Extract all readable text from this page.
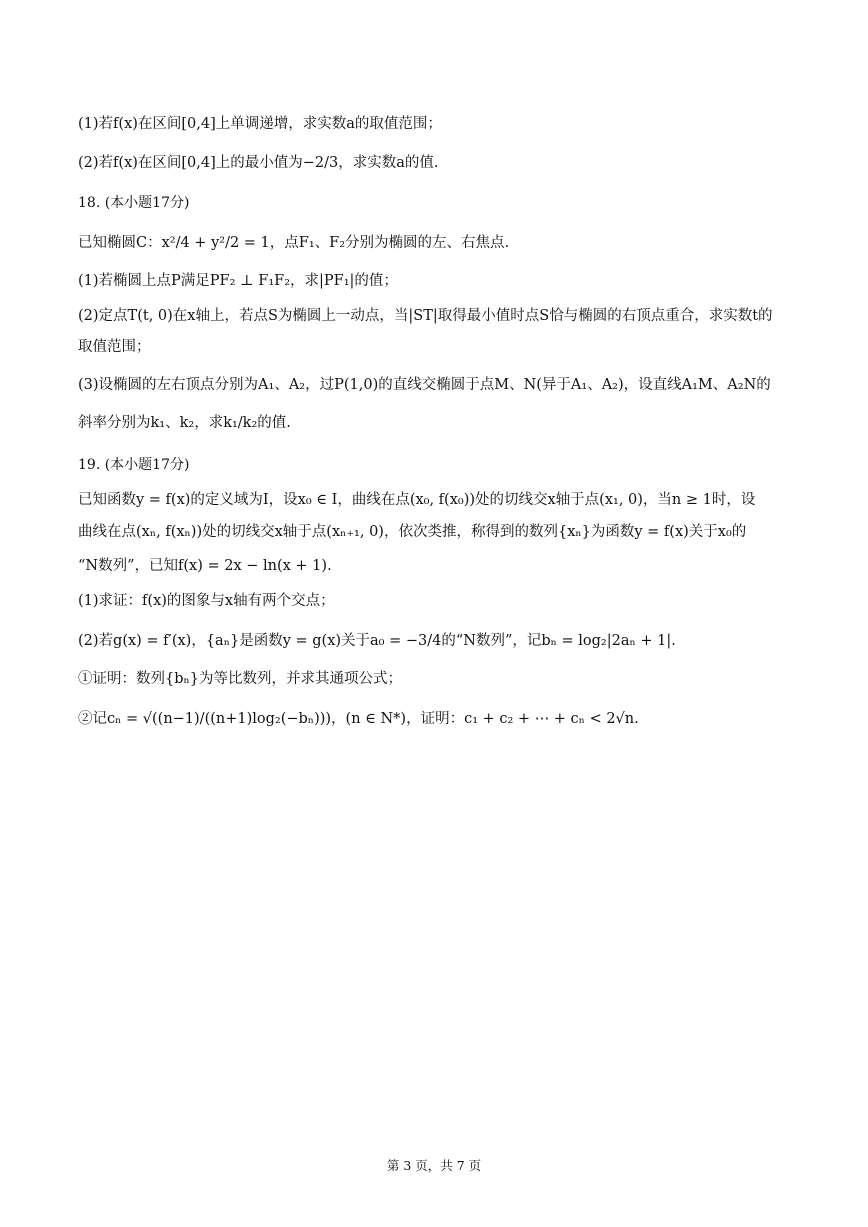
(1)若f(x)在区间[0,4]上单调递增，求实数a的取值范围；
(2)若f(x)在区间[0,4]上的最小值为−2/3，求实数a的值.
18. (本小题17分)
已知椭圆C：x²/4 + y²/2 = 1，点F₁、F₂分别为椭圆的左、右焦点.
(1)若椭圆上点P满足PF₂ ⊥ F₁F₂，求|PF₁|的值；
(2)定点T(t, 0)在x轴上，若点S为椭圆上一动点，当|ST|取得最小值时点S恰与椭圆的右顶点重合，求实数t的
取值范围；
(3)设椭圆的左右顶点分别为A₁、A₂，过P(1,0)的直线交椭圆于点M、N(异于A₁、A₂)，设直线A₁M、A₂N的
斜率分别为k₁、k₂，求k₁/k₂的值.
19. (本小题17分)
已知函数y = f(x)的定义域为I，设x₀ ∈ I，曲线在点(x₀, f(x₀))处的切线交x轴于点(x₁, 0)，当n ≥ 1时，设
曲线在点(xₙ, f(xₙ))处的切线交x轴于点(xₙ₊₁, 0)，依次类推，称得到的数列{xₙ}为函数y = f(x)关于x₀的
“N数列”，已知f(x) = 2x − ln(x + 1).
(1)求证：f(x)的图象与x轴有两个交点；
(2)若g(x) = f′(x)，{aₙ}是函数y = g(x)关于a₀ = −3/4的“N数列”，记bₙ = log₂|2aₙ + 1|.
①证明：数列{bₙ}为等比数列，并求其通项公式；
②记cₙ = √((n−1)/((n+1)log₂(−bₙ)))，(n ∈ N*)，证明：c₁ + c₂ + ⋯ + cₙ < 2√n.
第 3 页，共 7 页
